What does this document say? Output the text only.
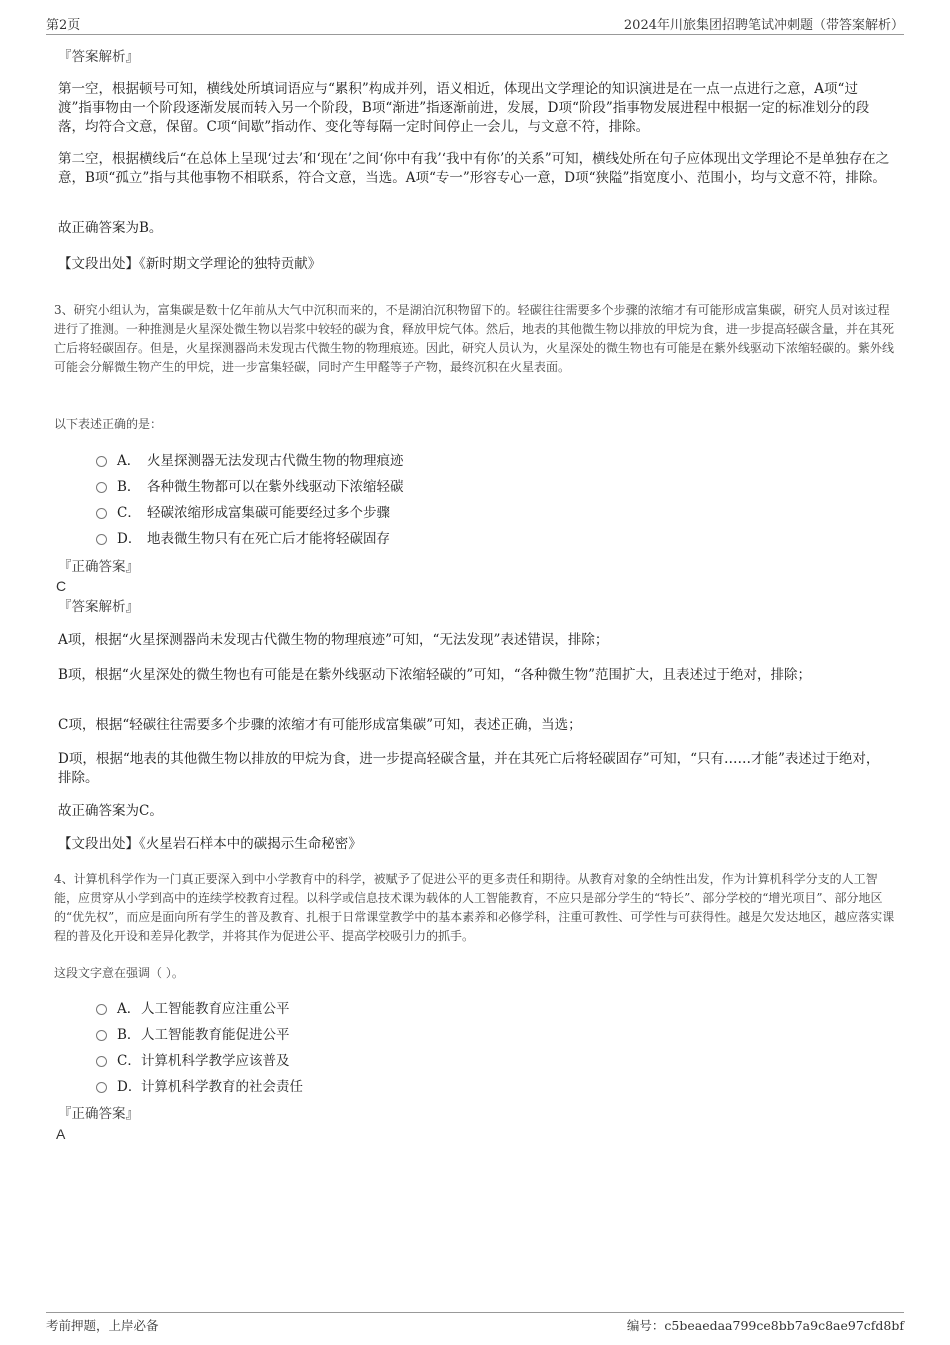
第2页	2024年川旅集团招聘笔试冲刺题（带答案解析）
『答案解析』
第一空，根据顿号可知，横线处所填词语应与“累积”构成并列，语义相近，体现出文学理论的知识演进是在一点一点进行之意，A项“过渡”指事物由一个阶段逐渐发展而转入另一个阶段，B项“渐进”指逐渐前进，发展，D项“阶段”指事物发展进程中根据一定的标准划分的段落，均符合文意，保留。C项“间歇”指动作、变化等每隔一定时间停止一会儿，与文意不符，排除。
第二空，根据横线后“在总体上呈现‘过去’和‘现在’之间‘你中有我’‘我中有你’的关系”可知，横线处所在句子应体现出文学理论不是单独存在之意，B项“孤立”指与其他事物不相联系，符合文意，当选。A项“专一”形容专心一意，D项“狭隘”指宽度小、范围小，均与文意不符，排除。
故正确答案为B。
【文段出处】《新时期文学理论的独特贡献》
3、研究小组认为，富集碳是数十亿年前从大气中沉积而来的，不是湖泊沉积物留下的。轻碳往往需要多个步骤的浓缩才有可能形成富集碳，研究人员对该过程进行了推测。一种推测是火星深处微生物以岩浆中较轻的碳为食，释放甲烷气体。然后，地表的其他微生物以排放的甲烷为食，进一步提高轻碳含量，并在其死亡后将轻碳固存。但是，火星探测器尚未发现古代微生物的物理痕迹。因此，研究人员认为，火星深处的微生物也有可能是在紫外线驱动下浓缩轻碳的。紫外线可能会分解微生物产生的甲烷，进一步富集轻碳，同时产生甲醛等子产物，最终沉积在火星表面。
以下表述正确的是：
A． 火星探测器无法发现古代微生物的物理痕迹
B． 各种微生物都可以在紫外线驱动下浓缩轻碳
C． 轻碳浓缩形成富集碳可能要经过多个步骤
D． 地表微生物只有在死亡后才能将轻碳固存
『正确答案』
C
『答案解析』
A项，根据“火星探测器尚未发现古代微生物的物理痕迹”可知，“无法发现”表述错误，排除；
B项，根据“火星深处的微生物也有可能是在紫外线驱动下浓缩轻碳的”可知，“各种微生物”范围扩大，且表述过于绝对，排除；
C项，根据“轻碳往往需要多个步骤的浓缩才有可能形成富集碳”可知，表述正确，当选；
D项，根据“地表的其他微生物以排放的甲烷为食，进一步提高轻碳含量，并在其死亡后将轻碳固存”可知，“只有……才能”表述过于绝对，排除。
故正确答案为C。
【文段出处】《火星岩石样本中的碳揭示生命秘密》
4、计算机科学作为一门真正要深入到中小学教育中的科学，被赋予了促进公平的更多责任和期待。从教育对象的全纳性出发，作为计算机科学分支的人工智能，应贯穿从小学到高中的连续学校教育过程。以科学或信息技术课为载体的人工智能教育，不应只是部分学生的“特长”、部分学校的“增光项目”、部分地区的“优先权”，而应是面向所有学生的普及教育、扎根于日常课堂教学中的基本素养和必修学科，注重可教性、可学性与可获得性。越是欠发达地区，越应落实课程的普及化开设和差异化教学，并将其作为促进公平、提高学校吸引力的抓手。
这段文字意在强调（ ）。
A．人工智能教育应注重公平
B．人工智能教育能促进公平
C．计算机科学教学应该普及
D．计算机科学教育的社会责任
『正确答案』
A
考前押题，上岸必备	编号：c5beaedaa799ce8bb7a9c8ae97cfd8bf
